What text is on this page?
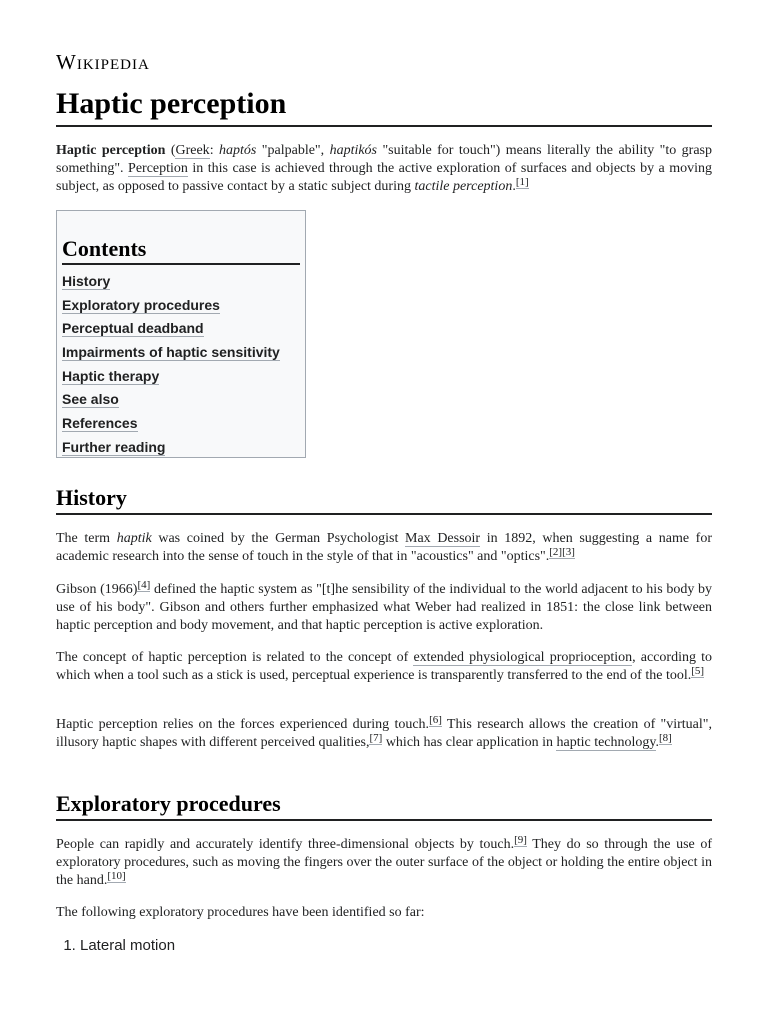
Wikipedia
Haptic perception

Haptic perception (Greek: haptós "palpable", haptikós "suitable for touch") means literally the ability "to grasp something". Perception in this case is achieved through the active exploration of surfaces and objects by a moving subject, as opposed to passive contact by a static subject during tactile perception.[1]

Contents
History
Exploratory procedures
Perceptual deadband
Impairments of haptic sensitivity
Haptic therapy
See also
References
Further reading
History

The term haptik was coined by the German Psychologist Max Dessoir in 1892, when suggesting a name for academic research into the sense of touch in the style of that in "acoustics" and "optics".[2][3]

Gibson (1966)[4] defined the haptic system as "[t]he sensibility of the individual to the world adjacent to his body by use of his body". Gibson and others further emphasized what Weber had realized in 1851: the close link between haptic perception and body movement, and that haptic perception is active exploration.

The concept of haptic perception is related to the concept of extended physiological proprioception, according to which when a tool such as a stick is used, perceptual experience is transparently transferred to the end of the tool.[5]

Haptic perception relies on the forces experienced during touch.[6] This research allows the creation of "virtual", illusory haptic shapes with different perceived qualities,[7] which has clear application in haptic technology.[8]

Exploratory procedures

People can rapidly and accurately identify three-dimensional objects by touch.[9] They do so through the use of exploratory procedures, such as moving the fingers over the outer surface of the object or holding the entire object in the hand.[10]

The following exploratory procedures have been identified so far:

1. Lateral motion
